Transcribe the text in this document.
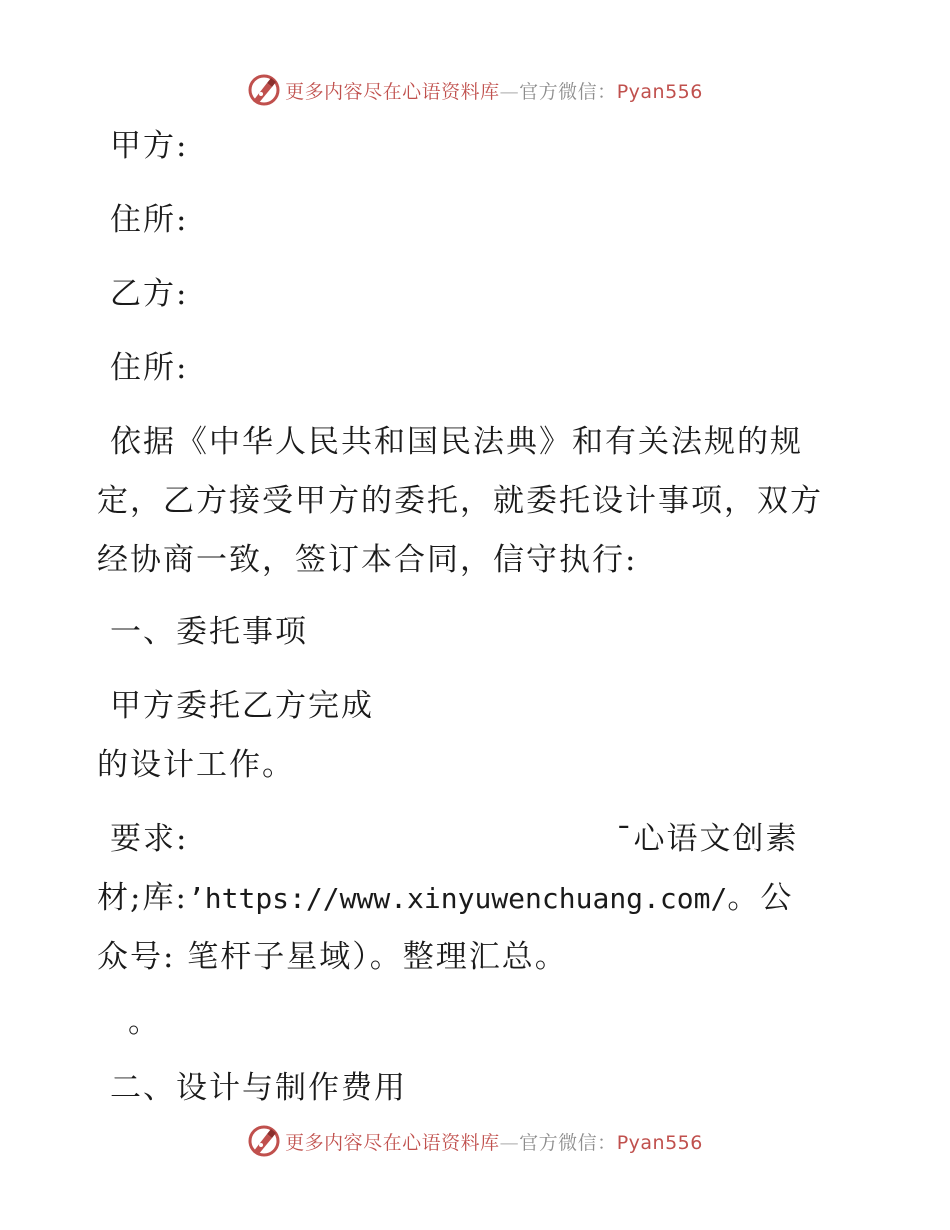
更多内容尽在心语资料库—官方微信：Pyan556
甲方:
住所:
乙方:
住所:
依据《中华人民共和国民法典》和有关法规的规
定，乙方接受甲方的委托，就委托设计事项，双方
经协商一致，签订本合同，信守执行:
一、委托事项
甲方委托乙方完成
的设计工作。
要求:	¯心语文创素
材;库:’https://www.xinyuwenchuang.com/。公
众号: 笔杆子星域）。整理汇总。
。
二、设计与制作费用
更多内容尽在心语资料库—官方微信：Pyan556
